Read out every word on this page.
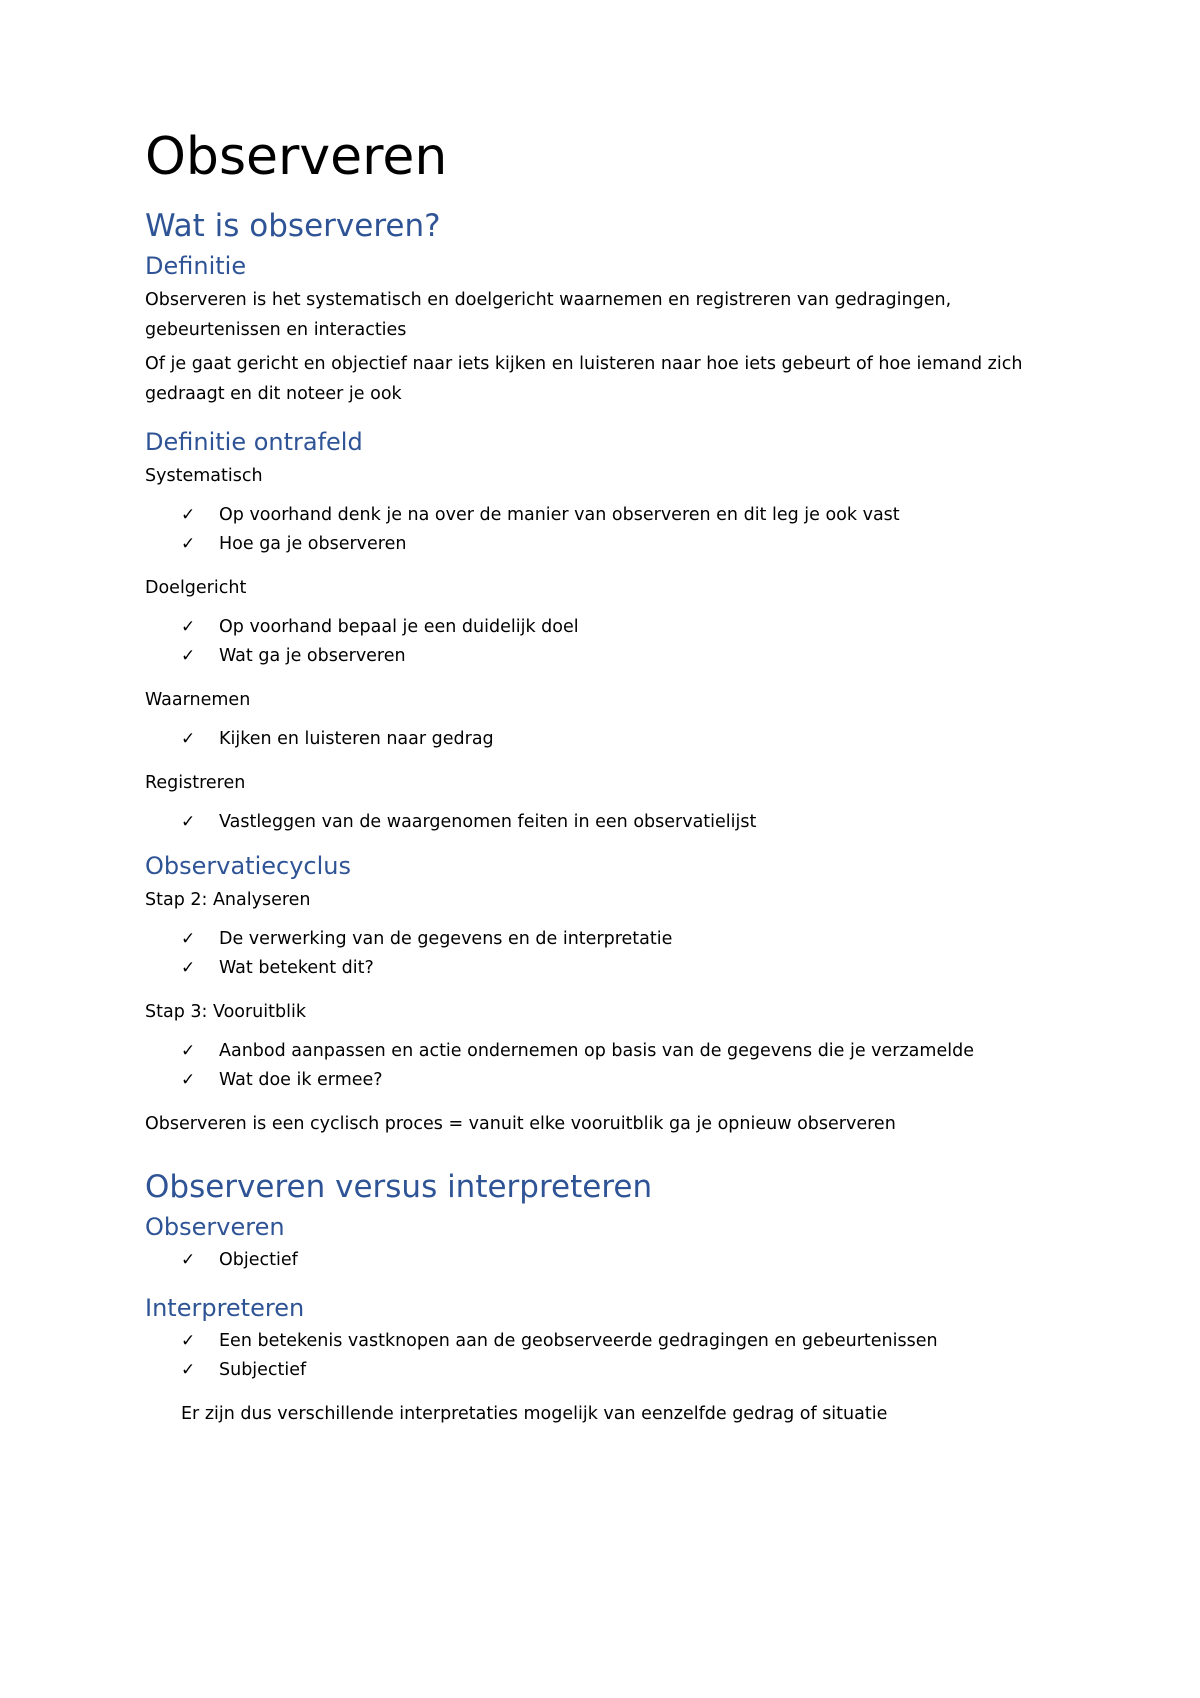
Observeren
Wat is observeren?
Definitie

Observeren is het systematisch en doelgericht waarnemen en registreren van gedragingen, gebeurtenissen en interacties

Of je gaat gericht en objectief naar iets kijken en luisteren naar hoe iets gebeurt of hoe iemand zich gedraagt en dit noteer je ook

Definitie ontrafeld

Systematisch

✓ Op voorhand denk je na over de manier van observeren en dit leg je ook vast
✓ Hoe ga je observeren

Doelgericht

✓ Op voorhand bepaal je een duidelijk doel
✓ Wat ga je observeren

Waarnemen

✓ Kijken en luisteren naar gedrag

Registreren

✓ Vastleggen van de waargenomen feiten in een observatielijst
Observatiecyclus

Stap 2: Analyseren

✓ De verwerking van de gegevens en de interpretatie
✓ Wat betekent dit?

Stap 3: Vooruitblik

✓ Aanbod aanpassen en actie ondernemen op basis van de gegevens die je verzamelde
✓ Wat doe ik ermee?

Observeren is een cyclisch proces = vanuit elke vooruitblik ga je opnieuw observeren

Observeren versus interpreteren
Observeren
✓ Objectief
Interpreteren
✓ Een betekenis vastknopen aan de geobserveerde gedragingen en gebeurtenissen
✓ Subjectief

Er zijn dus verschillende interpretaties mogelijk van eenzelfde gedrag of situatie
